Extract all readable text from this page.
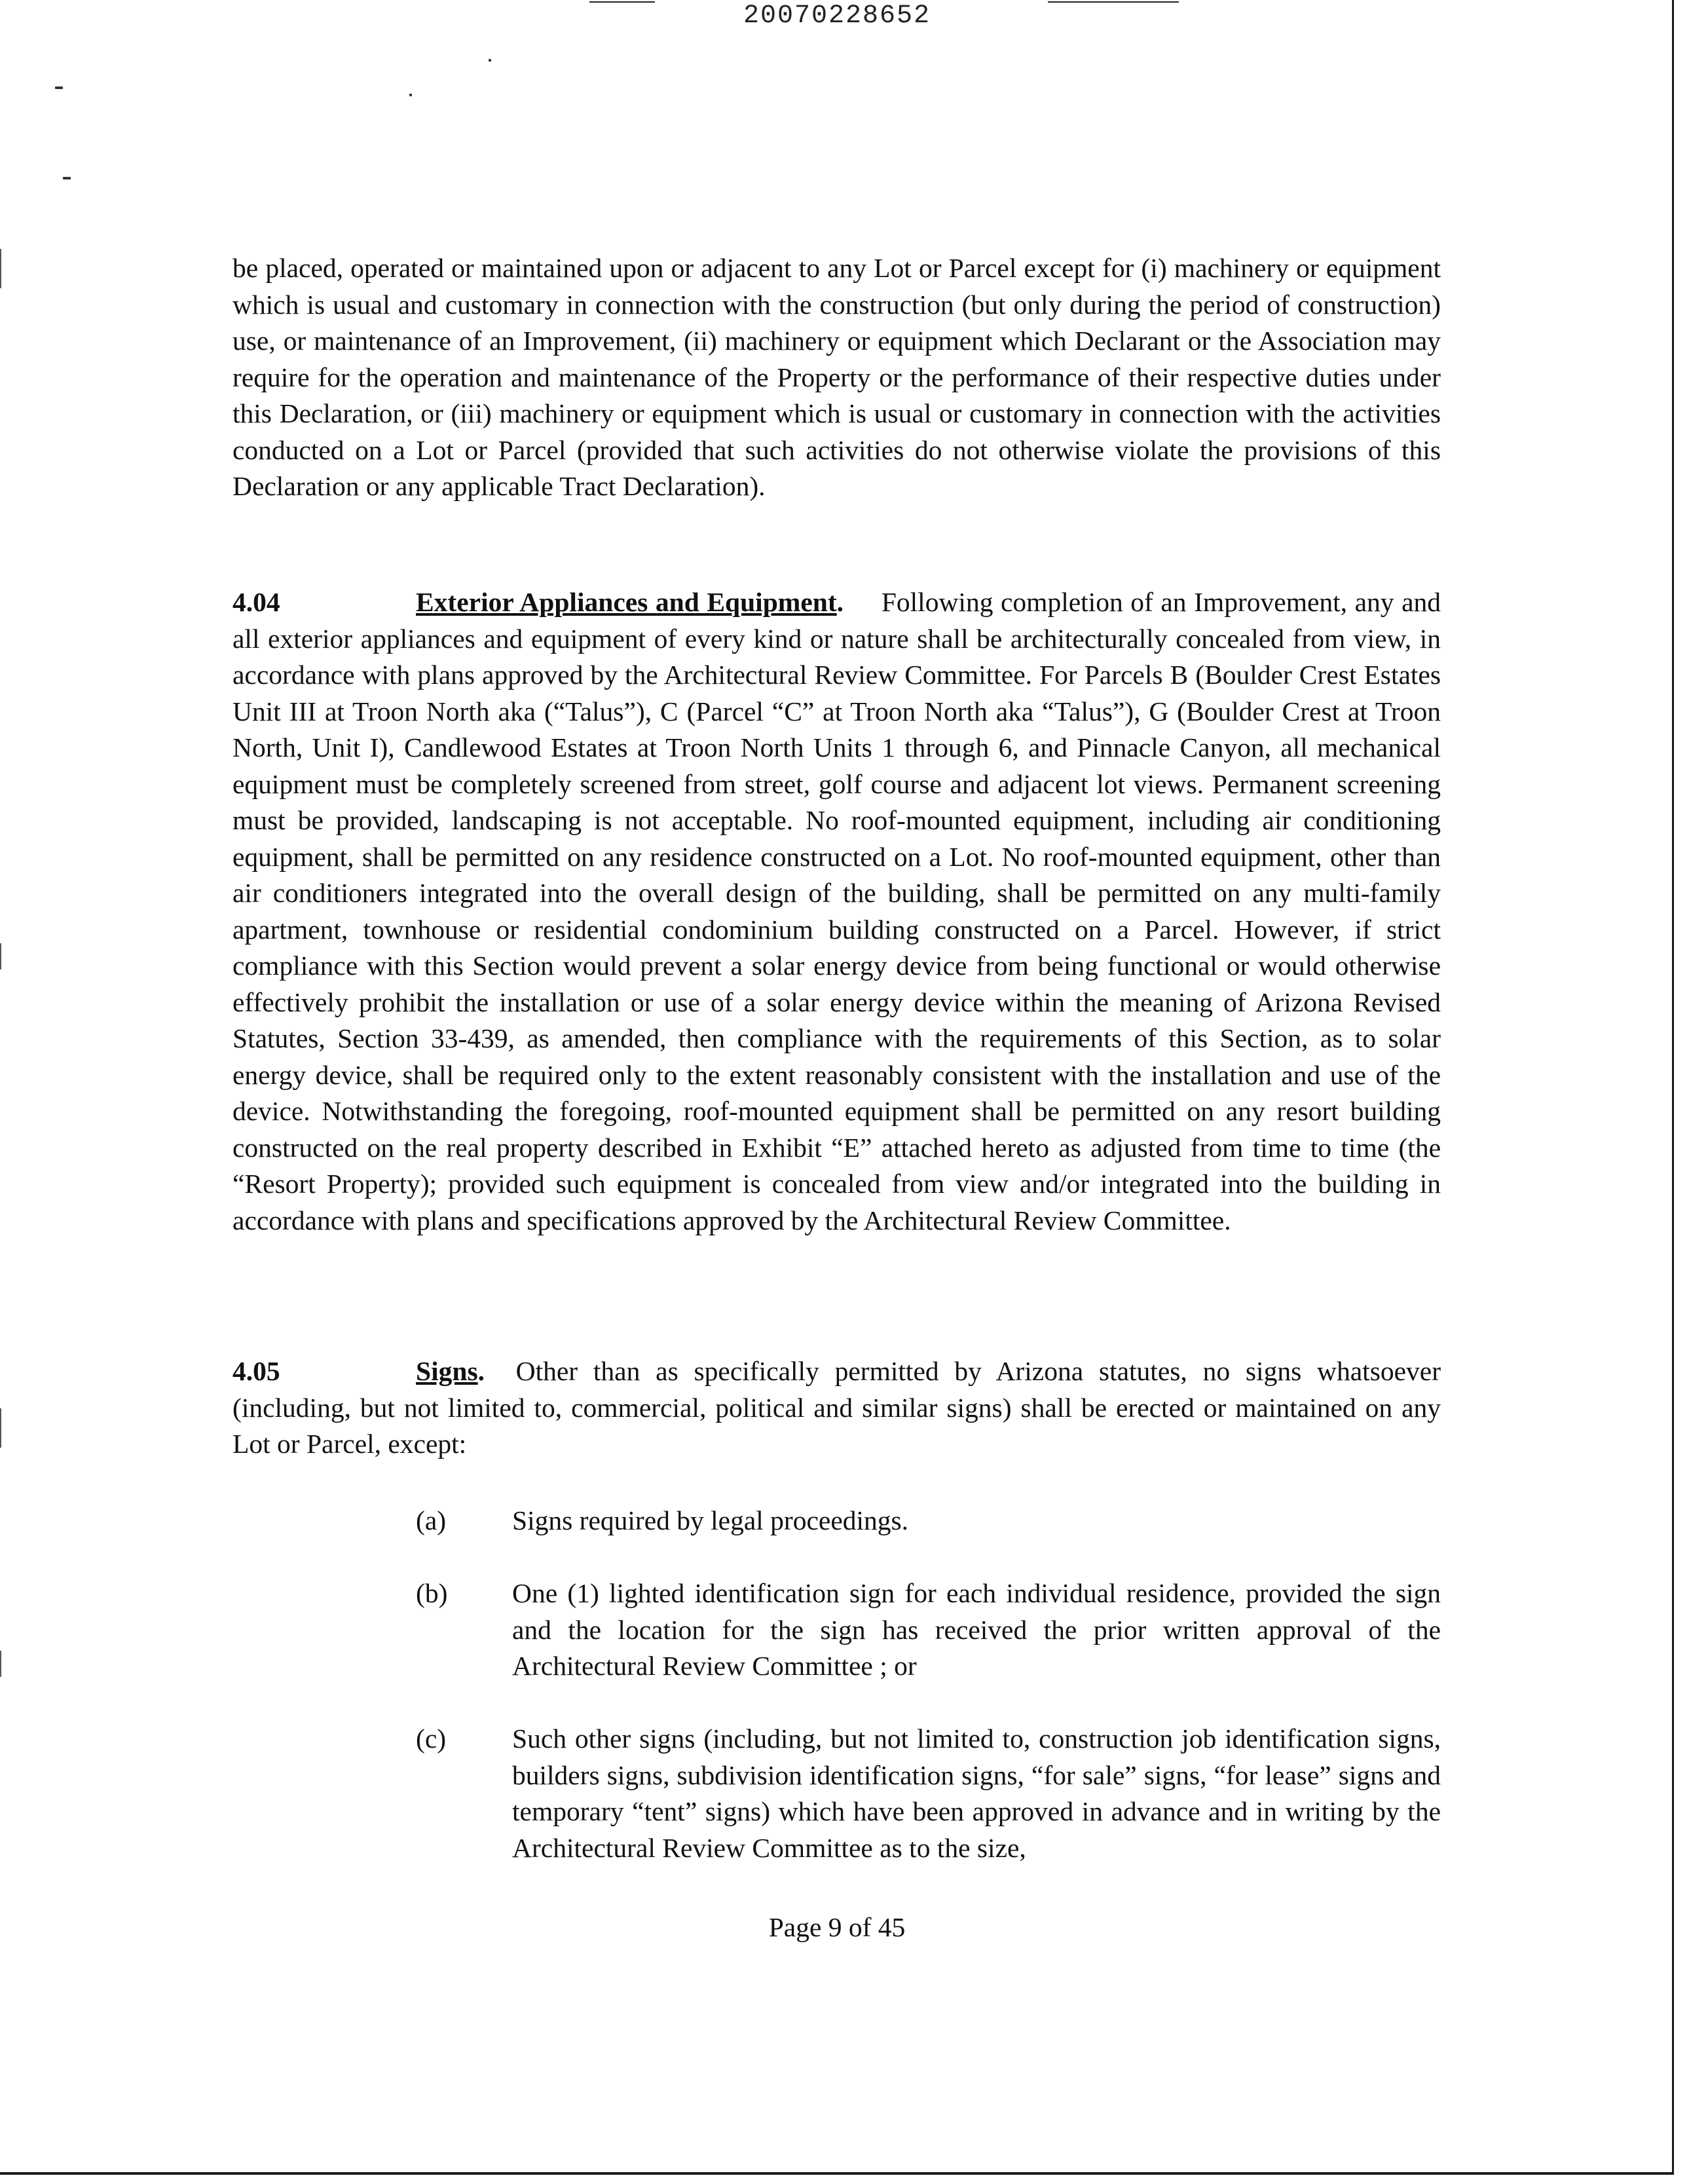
20070228652
be placed, operated or maintained upon or adjacent to any Lot or Parcel except for (i) machinery or equipment which is usual and customary in connection with the construction (but only during the period of construction) use, or maintenance of an Improvement, (ii) machinery or equipment which Declarant or the Association may require for the operation and maintenance of the Property or the performance of their respective duties under this Declaration, or (iii) machinery or equipment which is usual or customary in connection with the activities conducted on a Lot or Parcel (provided that such activities do not otherwise violate the provisions of this Declaration or any applicable Tract Declaration).
4.04	Exterior Appliances and Equipment. Following completion of an Improvement, any and all exterior appliances and equipment of every kind or nature shall be architecturally concealed from view, in accordance with plans approved by the Architectural Review Committee. For Parcels B (Boulder Crest Estates Unit III at Troon North aka (“Talus”), C (Parcel “C” at Troon North aka “Talus”), G (Boulder Crest at Troon North, Unit I), Candlewood Estates at Troon North Units 1 through 6, and Pinnacle Canyon, all mechanical equipment must be completely screened from street, golf course and adjacent lot views. Permanent screening must be provided, landscaping is not acceptable. No roof-mounted equipment, including air conditioning equipment, shall be permitted on any residence constructed on a Lot. No roof-mounted equipment, other than air conditioners integrated into the overall design of the building, shall be permitted on any multi-family apartment, townhouse or residential condominium building constructed on a Parcel. However, if strict compliance with this Section would prevent a solar energy device from being functional or would otherwise effectively prohibit the installation or use of a solar energy device within the meaning of Arizona Revised Statutes, Section 33-439, as amended, then compliance with the requirements of this Section, as to solar energy device, shall be required only to the extent reasonably consistent with the installation and use of the device. Notwithstanding the foregoing, roof-mounted equipment shall be permitted on any resort building constructed on the real property described in Exhibit “E” attached hereto as adjusted from time to time (the “Resort Property); provided such equipment is concealed from view and/or integrated into the building in accordance with plans and specifications approved by the Architectural Review Committee.
4.05	Signs. Other than as specifically permitted by Arizona statutes, no signs whatsoever (including, but not limited to, commercial, political and similar signs) shall be erected or maintained on any Lot or Parcel, except:
(a)	Signs required by legal proceedings.
(b)	One (1) lighted identification sign for each individual residence, provided the sign and the location for the sign has received the prior written approval of the Architectural Review Committee ; or
(c)	Such other signs (including, but not limited to, construction job identification signs, builders signs, subdivision identification signs, “for sale” signs, “for lease” signs and temporary “tent” signs) which have been approved in advance and in writing by the Architectural Review Committee as to the size,
Page 9 of 45
